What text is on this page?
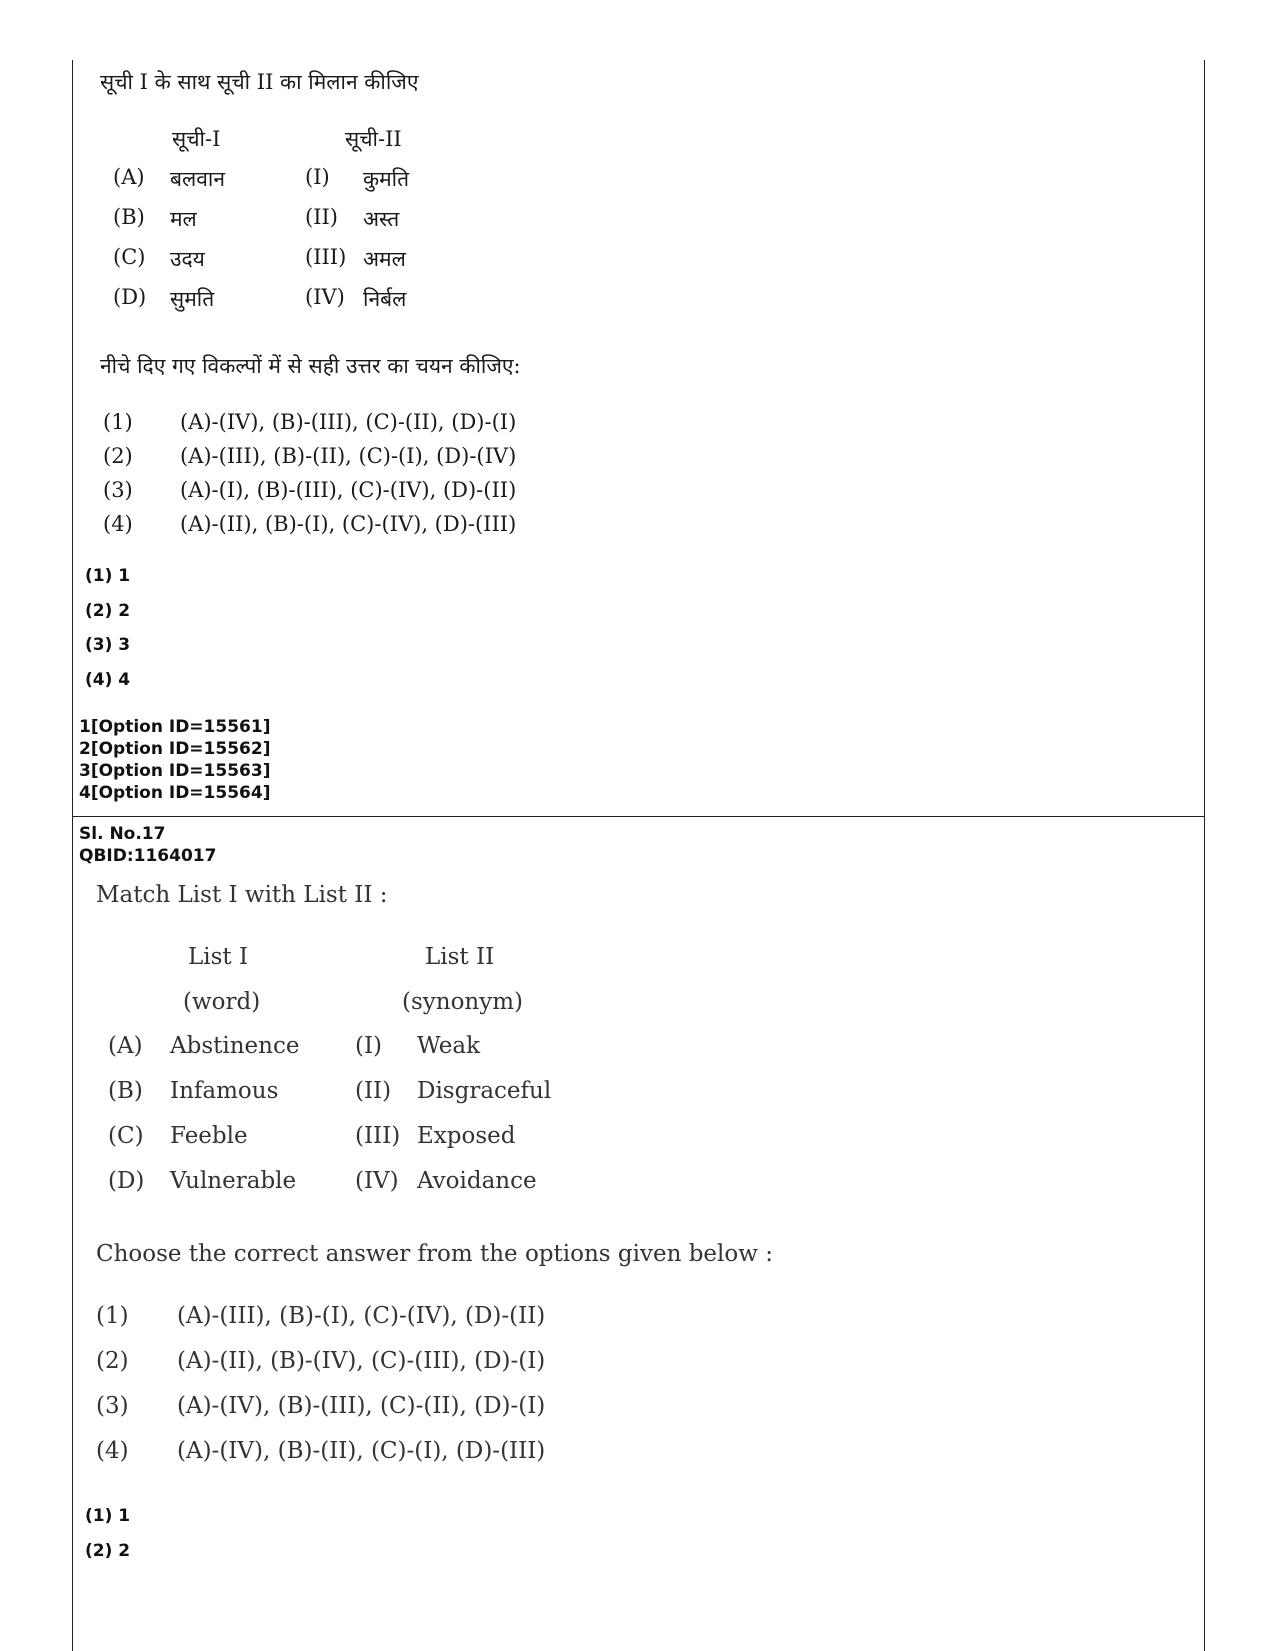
सूची I के साथ सूची II का मिलान कीजिए
सूची-I	सूची-II
(A) बलवान	(I) कुमति
(B) मल	(II) अस्त
(C) उदय	(III) अमल
(D) सुमति	(IV) निर्बल
नीचे दिए गए विकल्पों में से सही उत्तर का चयन कीजिए:
(1) (A)-(IV), (B)-(III), (C)-(II), (D)-(I)
(2) (A)-(III), (B)-(II), (C)-(I), (D)-(IV)
(3) (A)-(I), (B)-(III), (C)-(IV), (D)-(II)
(4) (A)-(II), (B)-(I), (C)-(IV), (D)-(III)
(1) 1
(2) 2
(3) 3
(4) 4
1[Option ID=15561]
2[Option ID=15562]
3[Option ID=15563]
4[Option ID=15564]
Sl. No.17
QBID:1164017
Match List I with List II :
List I	List II
(word)	(synonym)
(A) Abstinence (I) Weak
(B) Infamous	(II) Disgraceful
(C) Feeble	(III) Exposed
(D) Vulnerable	(IV) Avoidance
Choose the correct answer from the options given below :
(1) (A)-(III), (B)-(I), (C)-(IV), (D)-(II)
(2) (A)-(II), (B)-(IV), (C)-(III), (D)-(I)
(3) (A)-(IV), (B)-(III), (C)-(II), (D)-(I)
(4) (A)-(IV), (B)-(II), (C)-(I), (D)-(III)
(1) 1
(2) 2
